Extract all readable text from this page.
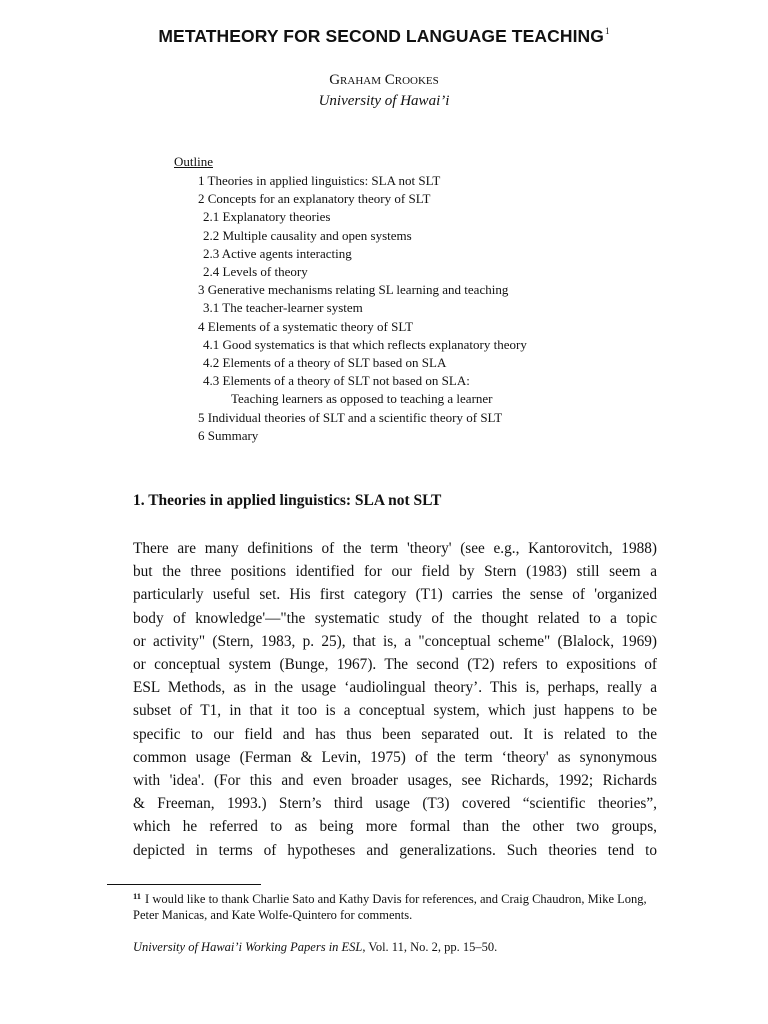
METATHEORY FOR SECOND LANGUAGE TEACHING$^1$
Graham Crookes
University of Hawai’i
Outline
1 Theories in applied linguistics: SLA not SLT
2 Concepts for an explanatory theory of SLT
2.1 Explanatory theories
2.2 Multiple causality and open systems
2.3 Active agents interacting
2.4 Levels of theory
3 Generative mechanisms relating SL learning and teaching
3.1 The teacher-learner system
4 Elements of a systematic theory of SLT
4.1 Good systematics is that which reflects explanatory theory
4.2 Elements of a theory of SLT based on SLA
4.3 Elements of a theory of SLT not based on SLA:
Teaching learners as opposed to teaching a learner
5 Individual theories of SLT and a scientific theory of SLT
6 Summary
1. Theories in applied linguistics: SLA not SLT
There are many definitions of the term 'theory' (see e.g., Kantorovitch, 1988)
but the three positions identified for our field by Stern (1983) still seem a
particularly useful set. His first category (T1) carries the sense of 'organized
body of knowledge'—"the systematic study of the thought related to a topic
or activity" (Stern, 1983, p. 25), that is, a "conceptual scheme" (Blalock, 1969)
or conceptual system (Bunge, 1967). The second (T2) refers to expositions of
ESL Methods, as in the usage ‘audiolingual theory’. This is, perhaps, really a
subset of T1, in that it too is a conceptual system, which just happens to be
specific to our field and has thus been separated out. It is related to the
common usage (Ferman & Levin, 1975) of the term ‘theory' as synonymous
with 'idea'. (For this and even broader usages, see Richards, 1992; Richards
& Freeman, 1993.) Stern’s third usage (T3) covered “scientific theories”,
which he referred to as being more formal than the other two groups,
depicted in terms of hypotheses and generalizations. Such theories tend to
$^{11}$ I would like to thank Charlie Sato and Kathy Davis for references, and Craig Chaudron, Mike Long, Peter Manicas, and Kate Wolfe-Quintero for comments.
University of Hawai’i Working Papers in ESL, Vol. 11, No. 2, pp. 15–50.
